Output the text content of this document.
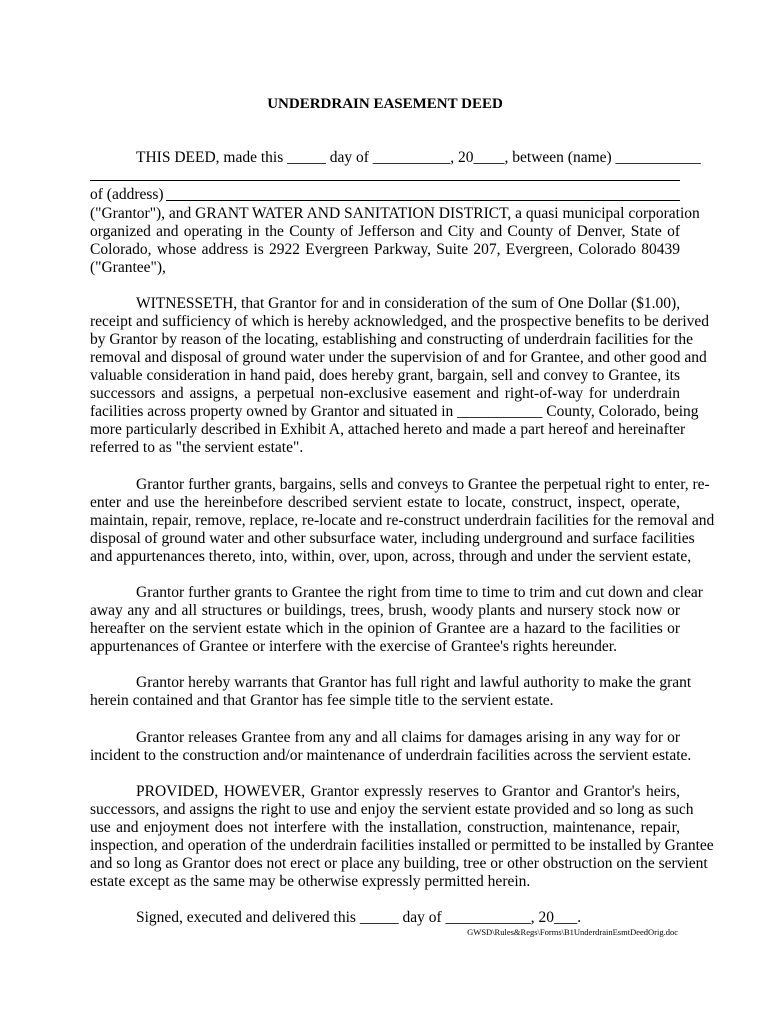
UNDERDRAIN EASEMENT DEED
THIS DEED, made this _____ day of __________, 20____, between (name) ___________
of (address)
("Grantor"), and GRANT WATER AND SANITATION DISTRICT, a quasi municipal corporation
organized and operating in the County of Jefferson and City and County of Denver, State of
Colorado, whose address is 2922 Evergreen Parkway, Suite 207, Evergreen, Colorado 80439
("Grantee"),
WITNESSETH, that Grantor for and in consideration of the sum of One Dollar ($1.00),
receipt and sufficiency of which is hereby acknowledged, and the prospective benefits to be derived
by Grantor by reason of the locating, establishing and constructing of underdrain facilities for the
removal and disposal of ground water under the supervision of and for Grantee, and other good and
valuable consideration in hand paid, does hereby grant, bargain, sell and convey to Grantee, its
successors and assigns, a perpetual non-exclusive easement and right-of-way for underdrain
facilities across property owned by Grantor and situated in ___________ County, Colorado, being
more particularly described in Exhibit A, attached hereto and made a part hereof and hereinafter
referred to as "the servient estate".
Grantor further grants, bargains, sells and conveys to Grantee the perpetual right to enter, re-
enter and use the hereinbefore described servient estate to locate, construct, inspect, operate,
maintain, repair, remove, replace, re-locate and re-construct underdrain facilities for the removal and
disposal of ground water and other subsurface water, including underground and surface facilities
and appurtenances thereto, into, within, over, upon, across, through and under the servient estate,
Grantor further grants to Grantee the right from time to time to trim and cut down and clear
away any and all structures or buildings, trees, brush, woody plants and nursery stock now or
hereafter on the servient estate which in the opinion of Grantee are a hazard to the facilities or
appurtenances of Grantee or interfere with the exercise of Grantee's rights hereunder.
Grantor hereby warrants that Grantor has full right and lawful authority to make the grant
herein contained and that Grantor has fee simple title to the servient estate.
Grantor releases Grantee from any and all claims for damages arising in any way for or
incident to the construction and/or maintenance of underdrain facilities across the servient estate.
PROVIDED, HOWEVER, Grantor expressly reserves to Grantor and Grantor's heirs,
successors, and assigns the right to use and enjoy the servient estate provided and so long as such
use and enjoyment does not interfere with the installation, construction, maintenance, repair,
inspection, and operation of the underdrain facilities installed or permitted to be installed by Grantee
and so long as Grantor does not erect or place any building, tree or other obstruction on the servient
estate except as the same may be otherwise expressly permitted herein.
Signed, executed and delivered this _____ day of ___________, 20___.
GWSD\Rules&Regs\Forms\B1UnderdrainEsmtDeedOrig.doc
